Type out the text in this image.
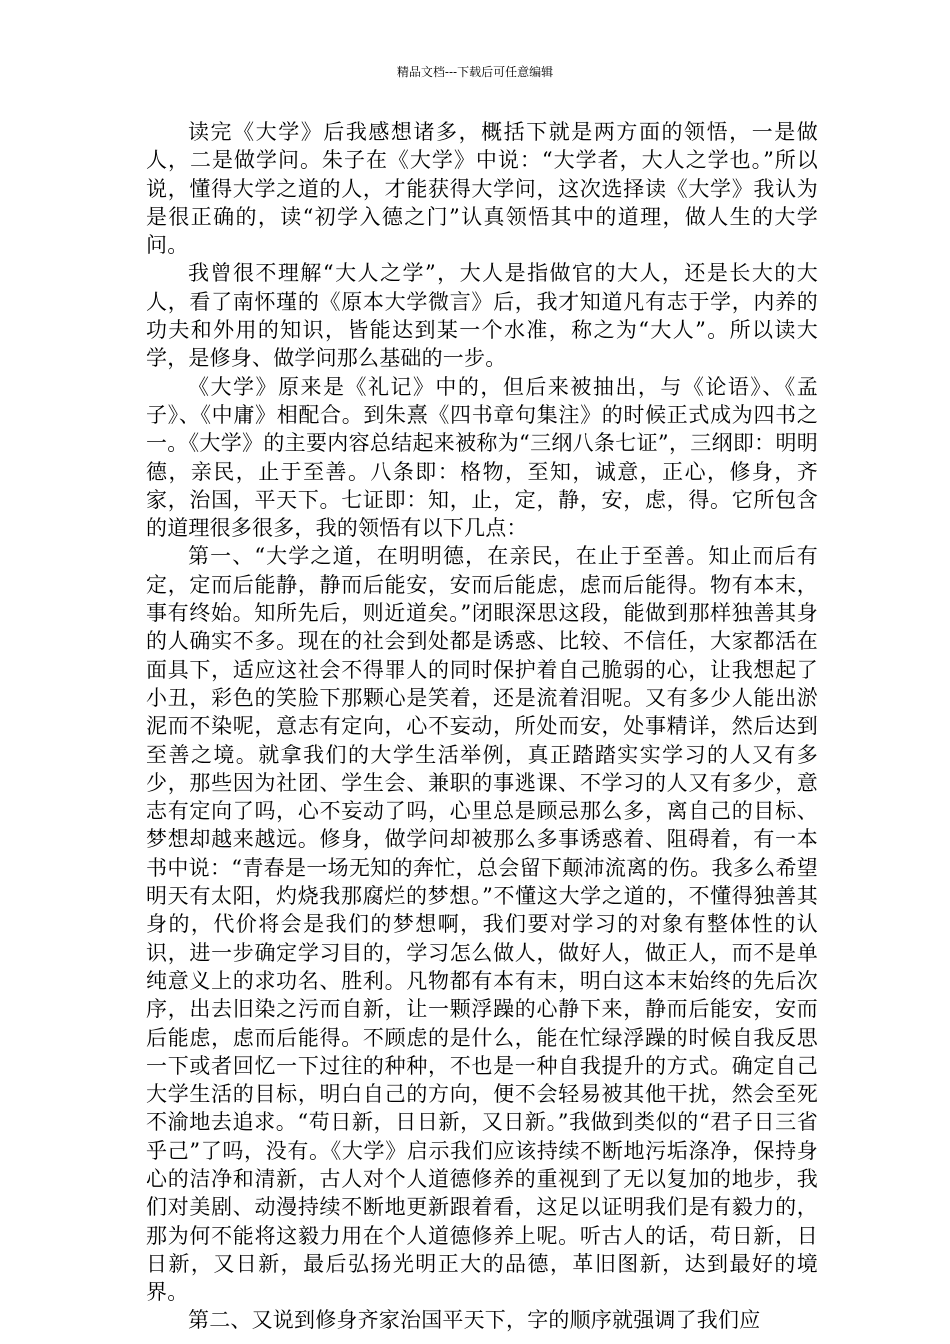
精品文档---下载后可任意编辑

读完《大学》后我感想诸多，概括下就是两方面的领悟，一是做人，二是做学问。朱子在《大学》中说：“大学者，大人之学也。”所以说，懂得大学之道的人，才能获得大学问，这次选择读《大学》我认为是很正确的，读“初学入德之门”认真领悟其中的道理，做人生的大学问。

我曾很不理解“大人之学”，大人是指做官的大人，还是长大的大人，看了南怀瑾的《原本大学微言》后，我才知道凡有志于学，内养的功夫和外用的知识，皆能达到某一个水准，称之为“大人”。所以读大学，是修身、做学问那么基础的一步。

《大学》原来是《礼记》中的，但后来被抽出，与《论语》、《孟子》、《中庸》相配合。到朱熹《四书章句集注》的时候正式成为四书之一。《大学》的主要内容总结起来被称为“三纲八条七证”，三纲即：明明德，亲民，止于至善。八条即：格物，至知，诚意，正心，修身，齐家，治国，平天下。七证即：知，止，定，静，安，虑，得。它所包含的道理很多很多，我的领悟有以下几点：

第一、“大学之道，在明明德，在亲民，在止于至善。知止而后有定，定而后能静，静而后能安，安而后能虑，虑而后能得。物有本末，事有终始。知所先后，则近道矣。”闭眼深思这段，能做到那样独善其身的人确实不多。现在的社会到处都是诱惑、比较、不信任，大家都活在面具下，适应这社会不得罪人的同时保护着自己脆弱的心，让我想起了小丑，彩色的笑脸下那颗心是笑着，还是流着泪呢。又有多少人能出淤泥而不染呢，意志有定向，心不妄动，所处而安，处事精详，然后达到至善之境。就拿我们的大学生活举例，真正踏踏实实学习的人又有多少，那些因为社团、学生会、兼职的事逃课、不学习的人又有多少，意志有定向了吗，心不妄动了吗，心里总是顾忌那么多，离自己的目标、梦想却越来越远。修身，做学问却被那么多事诱惑着、阻碍着，有一本书中说：“青春是一场无知的奔忙，总会留下颠沛流离的伤。我多么希望明天有太阳，灼烧我那腐烂的梦想。”不懂这大学之道的，不懂得独善其身的，代价将会是我们的梦想啊，我们要对学习的对象有整体性的认识，进一步确定学习目的，学习怎么做人，做好人，做正人，而不是单纯意义上的求功名、胜利。凡物都有本有末，明白这本末始终的先后次序，出去旧染之污而自新，让一颗浮躁的心静下来，静而后能安，安而后能虑，虑而后能得。不顾虑的是什么，能在忙绿浮躁的时候自我反思一下或者回忆一下过往的种种，不也是一种自我提升的方式。确定自己大学生活的目标，明白自己的方向，便不会轻易被其他干扰，然会至死不渝地去追求。“苟日新，日日新，又日新。”我做到类似的“君子日三省乎己”了吗，没有。《大学》启示我们应该持续不断地污垢涤净，保持身心的洁净和清新，古人对个人道德修养的重视到了无以复加的地步，我们对美剧、动漫持续不断地更新跟着看，这足以证明我们是有毅力的，那为何不能将这毅力用在个人道德修养上呢。听古人的话，苟日新，日日新，又日新，最后弘扬光明正大的品德，革旧图新，达到最好的境界。

第二、又说到修身齐家治国平天下，字的顺序就强调了我们应
